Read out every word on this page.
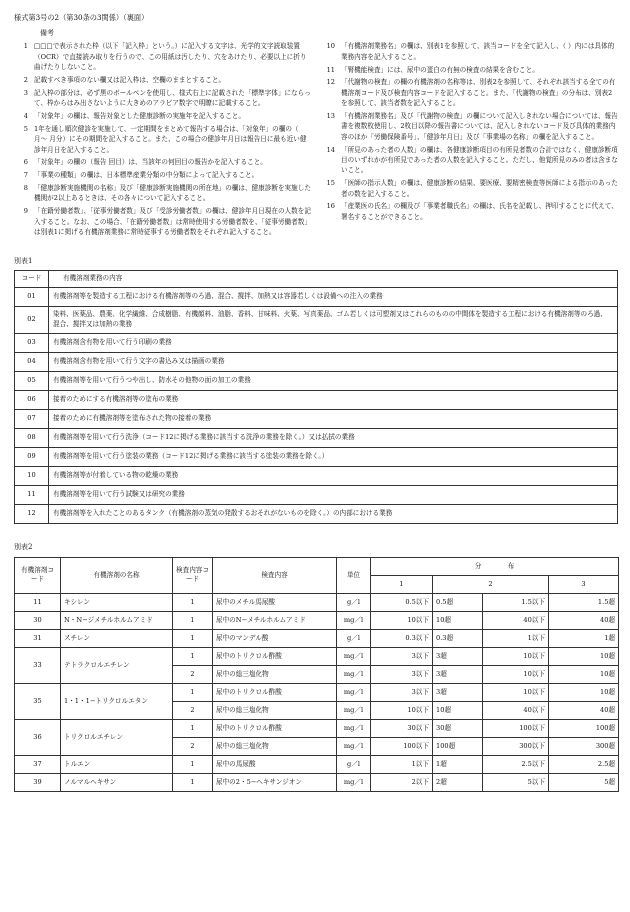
様式第3号の2（第30条の3関係）（裏面）
備考
1 □□□で表示された枠（以下「記入枠」という。）に記入する文字は、光学的文字読取装置（OCR）で直接読み取りを行うので、この用紙は汚したり、穴をあけたり、必要以上に折り曲げたりしないこと。
2 記載すべき事項のない欄又は記入枠は、空欄のままとすること。
3 記入枠の部分は、必ず黒のボールペンを使用し、様式右上に記載された「標準字体」にならって、枠からはみ出さないように大きめのアラビア数字で明瞭に記載すること。
4 「対象年」の欄は、報告対象とした健康診断の実施年を記入すること。
5 1年を通し順次健診を実施して、一定期間をまとめて報告する場合は、「対象年」の欄の（ 月〜 月分）にその期間を記入すること。また、この場合の健診年月日は報告日に最も近い健診年月日を記入すること。
6 「対象年」の欄の（報告 回目）は、当該年の何回目の報告かを記入すること。
7 「事業の種類」の欄は、日本標準産業分類の中分類によって記入すること。
8 「健康診断実施機関の名称」及び「健康診断実施機関の所在地」の欄は、健康診断を実施した機関が2以上あるときは、その各々について記入すること。
9 「在籍労働者数」、「従事労働者数」及び「受診労働者数」の欄は、健診年月日現在の人数を記入すること。なお、この場合、「在籍労働者数」は常時使用する労働者数を、「従事労働者数」は別表1に掲げる有機溶剤業務に常時従事する労働者数をそれぞれ記入すること。
10 「有機溶剤業務名」の欄は、別表1を参照して、該当コードを全て記入し、（ ）内には具体的業務内容を記入すること。
11 「腎機能検査」には、尿中の蛋白の有無の検査の結果を含むこと。
12 「代謝物の検査」の欄の有機溶剤の名称等は、別表2を参照して、それぞれ該当する全ての有機溶剤コード及び検査内容コードを記入すること。また、「代謝物の検査」の分布は、別表2を参照して、該当者数を記入すること。
13 「有機溶剤業務名」及び「代謝物の検査」の欄について記入しきれない場合については、報告書を複数枚使用し、2枚目以降の報告書については、記入しきれないコード及び具体的業務内容のほか「労働保険番号」、「健診年月日」及び「事業場の名称」の欄を記入すること。
14 「所見のあった者の人数」の欄は、各健康診断項目の有所見者数の合計ではなく、健康診断項目のいずれかが有所見であった者の人数を記入すること。ただし、他覚所見のみの者は含まないこと。
15 「医師の指示人数」の欄は、健康診断の結果、要医療、要精密検査等医師による指示のあった者の数を記入すること。
16 「産業医の氏名」の欄及び「事業者職氏名」の欄は、氏名を記載し、押印することに代えて、署名することができること。
別表1
コード	有機溶剤業務の内容
01	有機溶剤等を製造する工程における有機溶剤等のろ過、混合、撹拌、加熱又は容器若しくは設備への注入の業務
02	染料、医薬品、農薬、化学繊維、合成樹脂、有機顔料、油脂、香料、甘味料、火薬、写真薬品、ゴム若しくは可塑剤又はこれらのものの中間体を製造する工程における有機溶剤等のろ過、混合、撹拌又は加熱の業務
03	有機溶剤含有物を用いて行う印刷の業務
04	有機溶剤含有物を用いて行う文字の書込み又は描画の業務
05	有機溶剤等を用いて行うつや出し、防水その他物の面の加工の業務
06	接着のためにする有機溶剤等の塗布の業務
07	接着のために有機溶剤等を塗布された物の接着の業務
08	有機溶剤等を用いて行う洗浄（コード12に掲げる業務に該当する洗浄の業務を除く。）又は払拭の業務
09	有機溶剤等を用いて行う塗装の業務（コード12に掲げる業務に該当する塗装の業務を除く。）
10	有機溶剤等が付着している物の乾燥の業務
11	有機溶剤等を用いて行う試験又は研究の業務
12	有機溶剤等を入れたことのあるタンク（有機溶剤の蒸気の発散するおそれがないものを除く。）の内部における業務
別表2
有機溶剤コード	有機溶剤の名称	検査内容コード	検査内容	単位	分　　　　布			
					1	2		3
11	キシレン	1	尿中のメチル馬尿酸	g／l	0.5以下	0.5超	1.5以下	1.5超
30	N・N−ジメチルホルムアミド	1	尿中のN−メチルホルムアミド	mg／l	10以下	10超	40以下	40超
31	スチレン	1	尿中のマンデル酸	g／l	0.3以下	0.3超	1以下	1超
33	テトラクロルエチレン	1	尿中のトリクロル酢酸	mg／l	3以下	3超	10以下	10超
		2	尿中の総三塩化物	mg／l	3以下	3超	10以下	10超
35	1・1・1−トリクロルエタン	1	尿中のトリクロル酢酸	mg／l	3以下	3超	10以下	10超
		2	尿中の総三塩化物	mg／l	10以下	10超	40以下	40超
36	トリクロルエチレン	1	尿中のトリクロル酢酸	mg／l	30以下	30超	100以下	100超
		2	尿中の総三塩化物	mg／l	100以下	100超	300以下	300超
37	トルエン	1	尿中の馬尿酸	g／l	1以下	1超	2.5以下	2.5超
39	ノルマルヘキサン	1	尿中の2・5−ヘキサンジオン	mg／l	2以下	2超	5以下	5超
